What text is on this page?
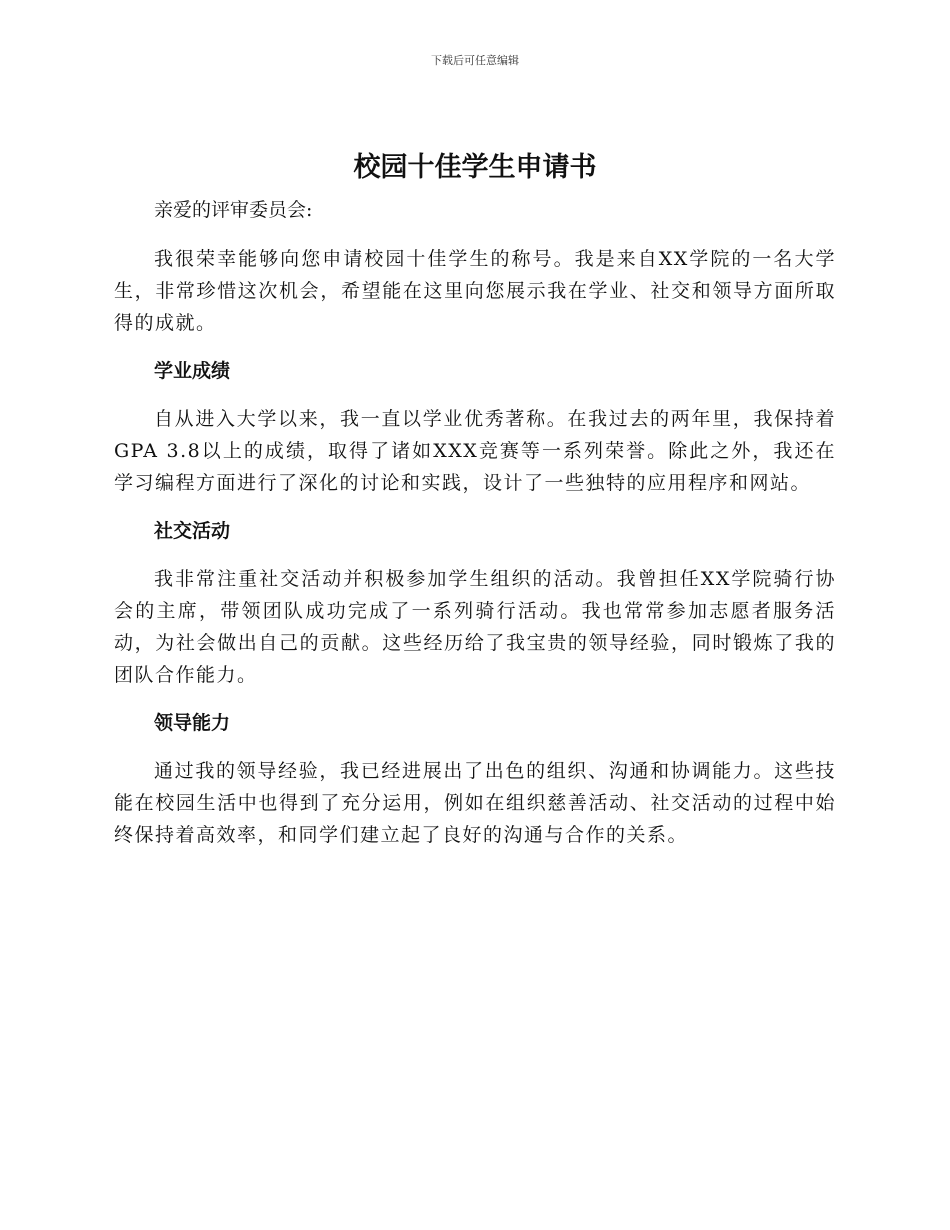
下载后可任意编辑
校园十佳学生申请书

亲爱的评审委员会:

我很荣幸能够向您申请校园十佳学生的称号。我是来自XX学院的一名大学生，非常珍惜这次机会，希望能在这里向您展示我在学业、社交和领导方面所取得的成就。

学业成绩

自从进入大学以来，我一直以学业优秀著称。在我过去的两年里，我保持着GPA 3.8以上的成绩，取得了诸如XXX竞赛等一系列荣誉。除此之外，我还在学习编程方面进行了深化的讨论和实践，设计了一些独特的应用程序和网站。

社交活动

我非常注重社交活动并积极参加学生组织的活动。我曾担任XX学院骑行协会的主席，带领团队成功完成了一系列骑行活动。我也常常参加志愿者服务活动，为社会做出自己的贡献。这些经历给了我宝贵的领导经验，同时锻炼了我的团队合作能力。

领导能力

通过我的领导经验，我已经进展出了出色的组织、沟通和协调能力。这些技能在校园生活中也得到了充分运用，例如在组织慈善活动、社交活动的过程中始终保持着高效率，和同学们建立起了良好的沟通与合作的关系。
